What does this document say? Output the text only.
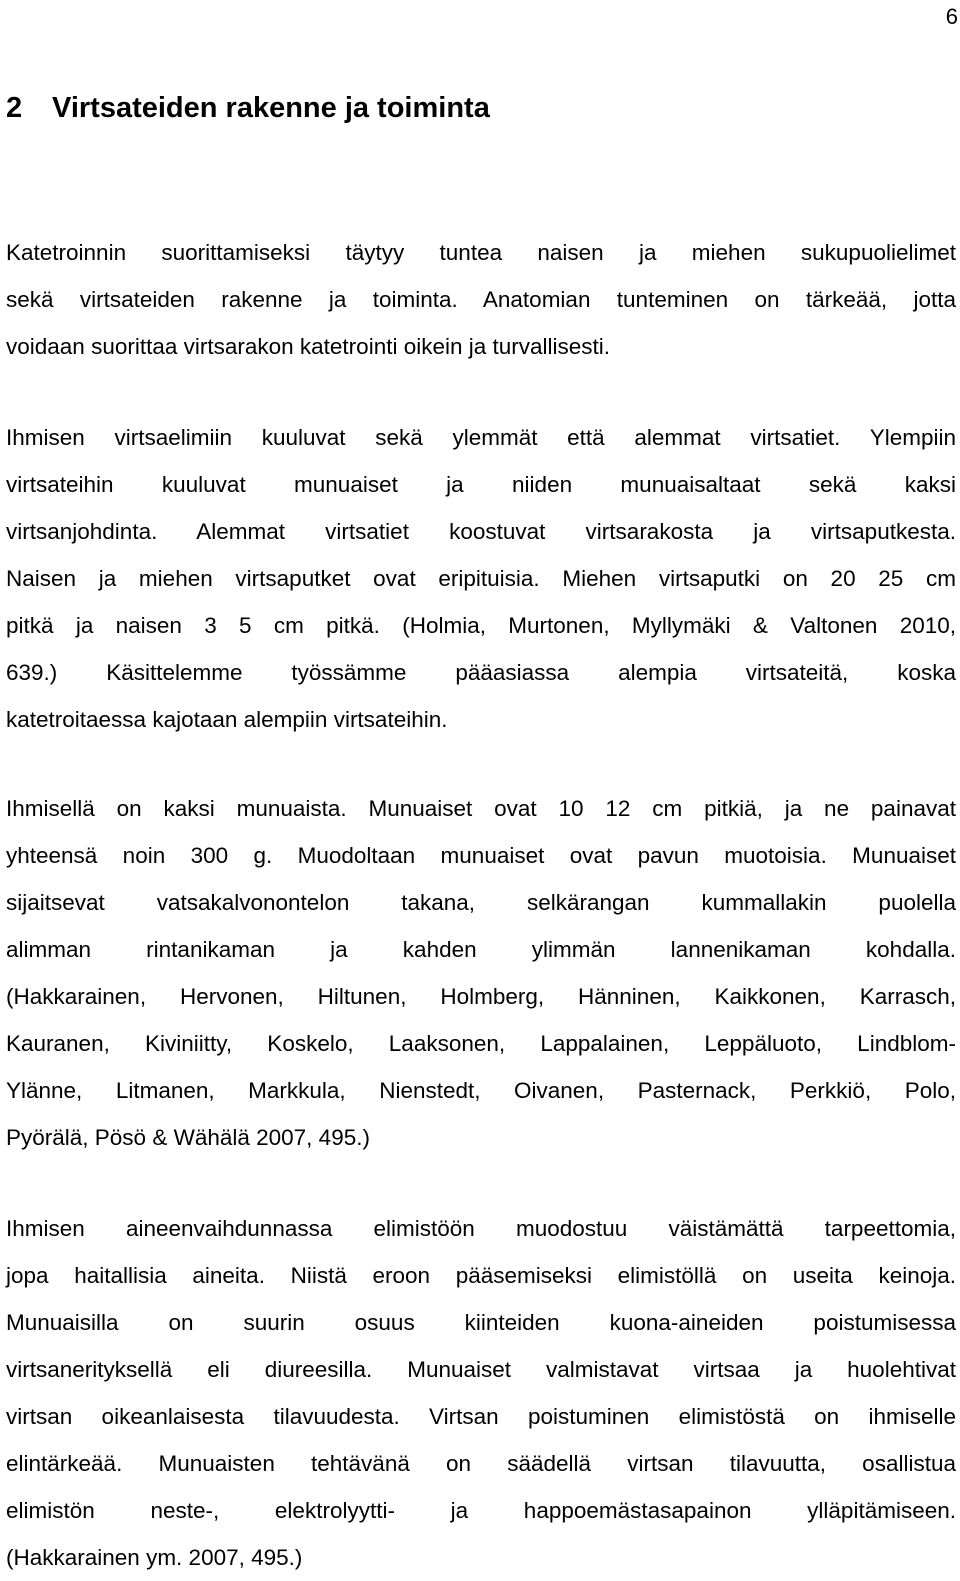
6
2 Virtsateiden rakenne ja toiminta

Katetroinnin suorittamiseksi täytyy tuntea naisen ja miehen sukupuolielimet
sekä virtsateiden rakenne ja toiminta. Anatomian tunteminen on tärkeää, jotta
voidaan suorittaa virtsarakon katetrointi oikein ja turvallisesti.

Ihmisen virtsaelimiin kuuluvat sekä ylemmät että alemmat virtsatiet. Ylempiin
virtsateihin kuuluvat munuaiset ja niiden munuaisaltaat sekä kaksi
virtsanjohdinta. Alemmat virtsatiet koostuvat virtsarakosta ja virtsaputkesta.
Naisen ja miehen virtsaputket ovat eripituisia. Miehen virtsaputki on 20 25 cm
pitkä ja naisen 3 5 cm pitkä. (Holmia, Murtonen, Myllymäki & Valtonen 2010,
639.) Käsittelemme työssämme pääasiassa alempia virtsateitä, koska
katetroitaessa kajotaan alempiin virtsateihin.

Ihmisellä on kaksi munuaista. Munuaiset ovat 10 12 cm pitkiä, ja ne painavat
yhteensä noin 300 g. Muodoltaan munuaiset ovat pavun muotoisia. Munuaiset
sijaitsevat vatsakalvonontelon takana, selkärangan kummallakin puolella
alimman rintanikaman ja kahden ylimmän lannenikaman kohdalla.
(Hakkarainen, Hervonen, Hiltunen, Holmberg, Hänninen, Kaikkonen, Karrasch,
Kauranen, Kiviniitty, Koskelo, Laaksonen, Lappalainen, Leppäluoto, Lindblom-
Ylänne, Litmanen, Markkula, Nienstedt, Oivanen, Pasternack, Perkkiö, Polo,
Pyörälä, Pösö & Wähälä 2007, 495.)

Ihmisen aineenvaihdunnassa elimistöön muodostuu väistämättä tarpeettomia,
jopa haitallisia aineita. Niistä eroon pääsemiseksi elimistöllä on useita keinoja.
Munuaisilla on suurin osuus kiinteiden kuona-aineiden poistumisessa
virtsanerityksellä eli diureesilla. Munuaiset valmistavat virtsaa ja huolehtivat
virtsan oikeanlaisesta tilavuudesta. Virtsan poistuminen elimistöstä on ihmiselle
elintärkeää. Munuaisten tehtävänä on säädellä virtsan tilavuutta, osallistua
elimistön neste-, elektrolyytti- ja happoemästasapainon ylläpitämiseen.
(Hakkarainen ym. 2007, 495.)
